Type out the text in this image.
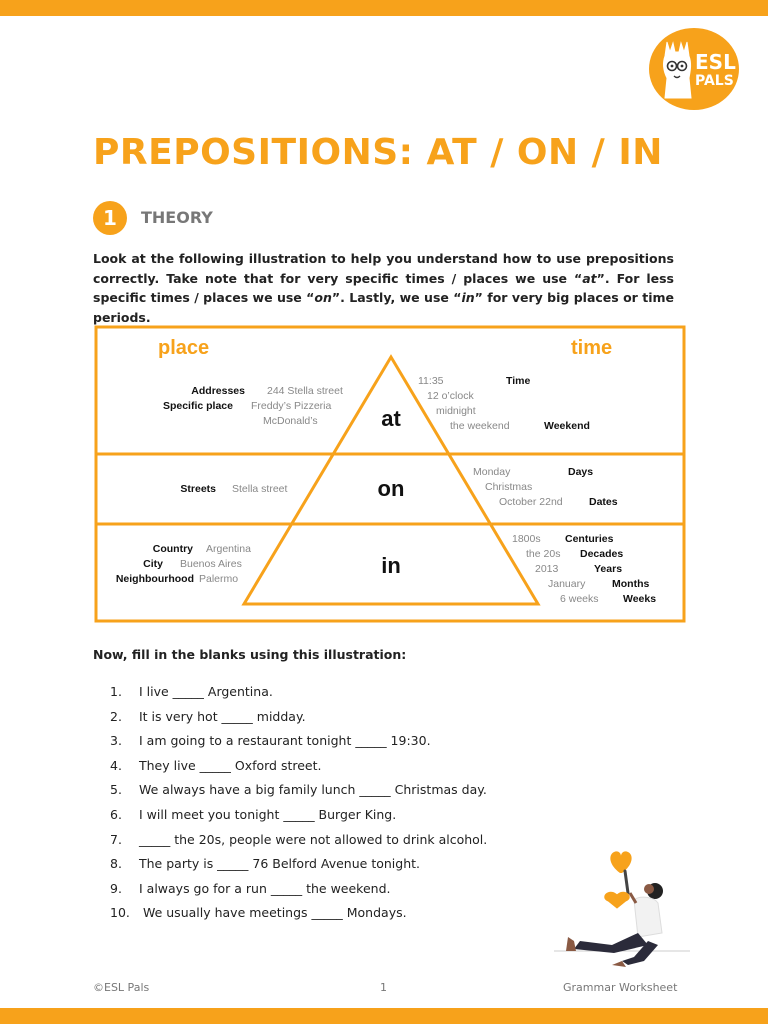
ESL
PALS
PREPOSITIONS: AT / ON / IN
1	THEORY

Look at the following illustration to help you understand how to use prepositions correctly. Take note that for very specific times / places we use “at”. For less specific times / places we use “on”. Lastly, we use “in” for very big places or time periods.

place	time
at
on
in
Addresses 244 Stella street
Specific place Freddy’s Pizzeria
McDonald’s
Streets Stella street
Country Argentina
City Buenos Aires
Neighbourhood Palermo
11:35	Time
12 o’clock
midnight
the weekend	Weekend
Monday	Days
Christmas
October 22nd	Dates
1800s Centuries
the 20s Decades
2013	Years
January	Months
6 weeks Weeks

Now, fill in the blanks using this illustration:

1. I live _____ Argentina.
2. It is very hot _____ midday.
3. I am going to a restaurant tonight _____ 19:30.
4. They live _____ Oxford street.
5. We always have a big family lunch _____ Christmas day.
6. I will meet you tonight _____ Burger King.
7. _____ the 20s, people were not allowed to drink alcohol.
8. The party is _____ 76 Belford Avenue tonight.
9. I always go for a run _____ the weekend.
10. We usually have meetings _____ Mondays.
©ESL Pals	1	Grammar Worksheet
